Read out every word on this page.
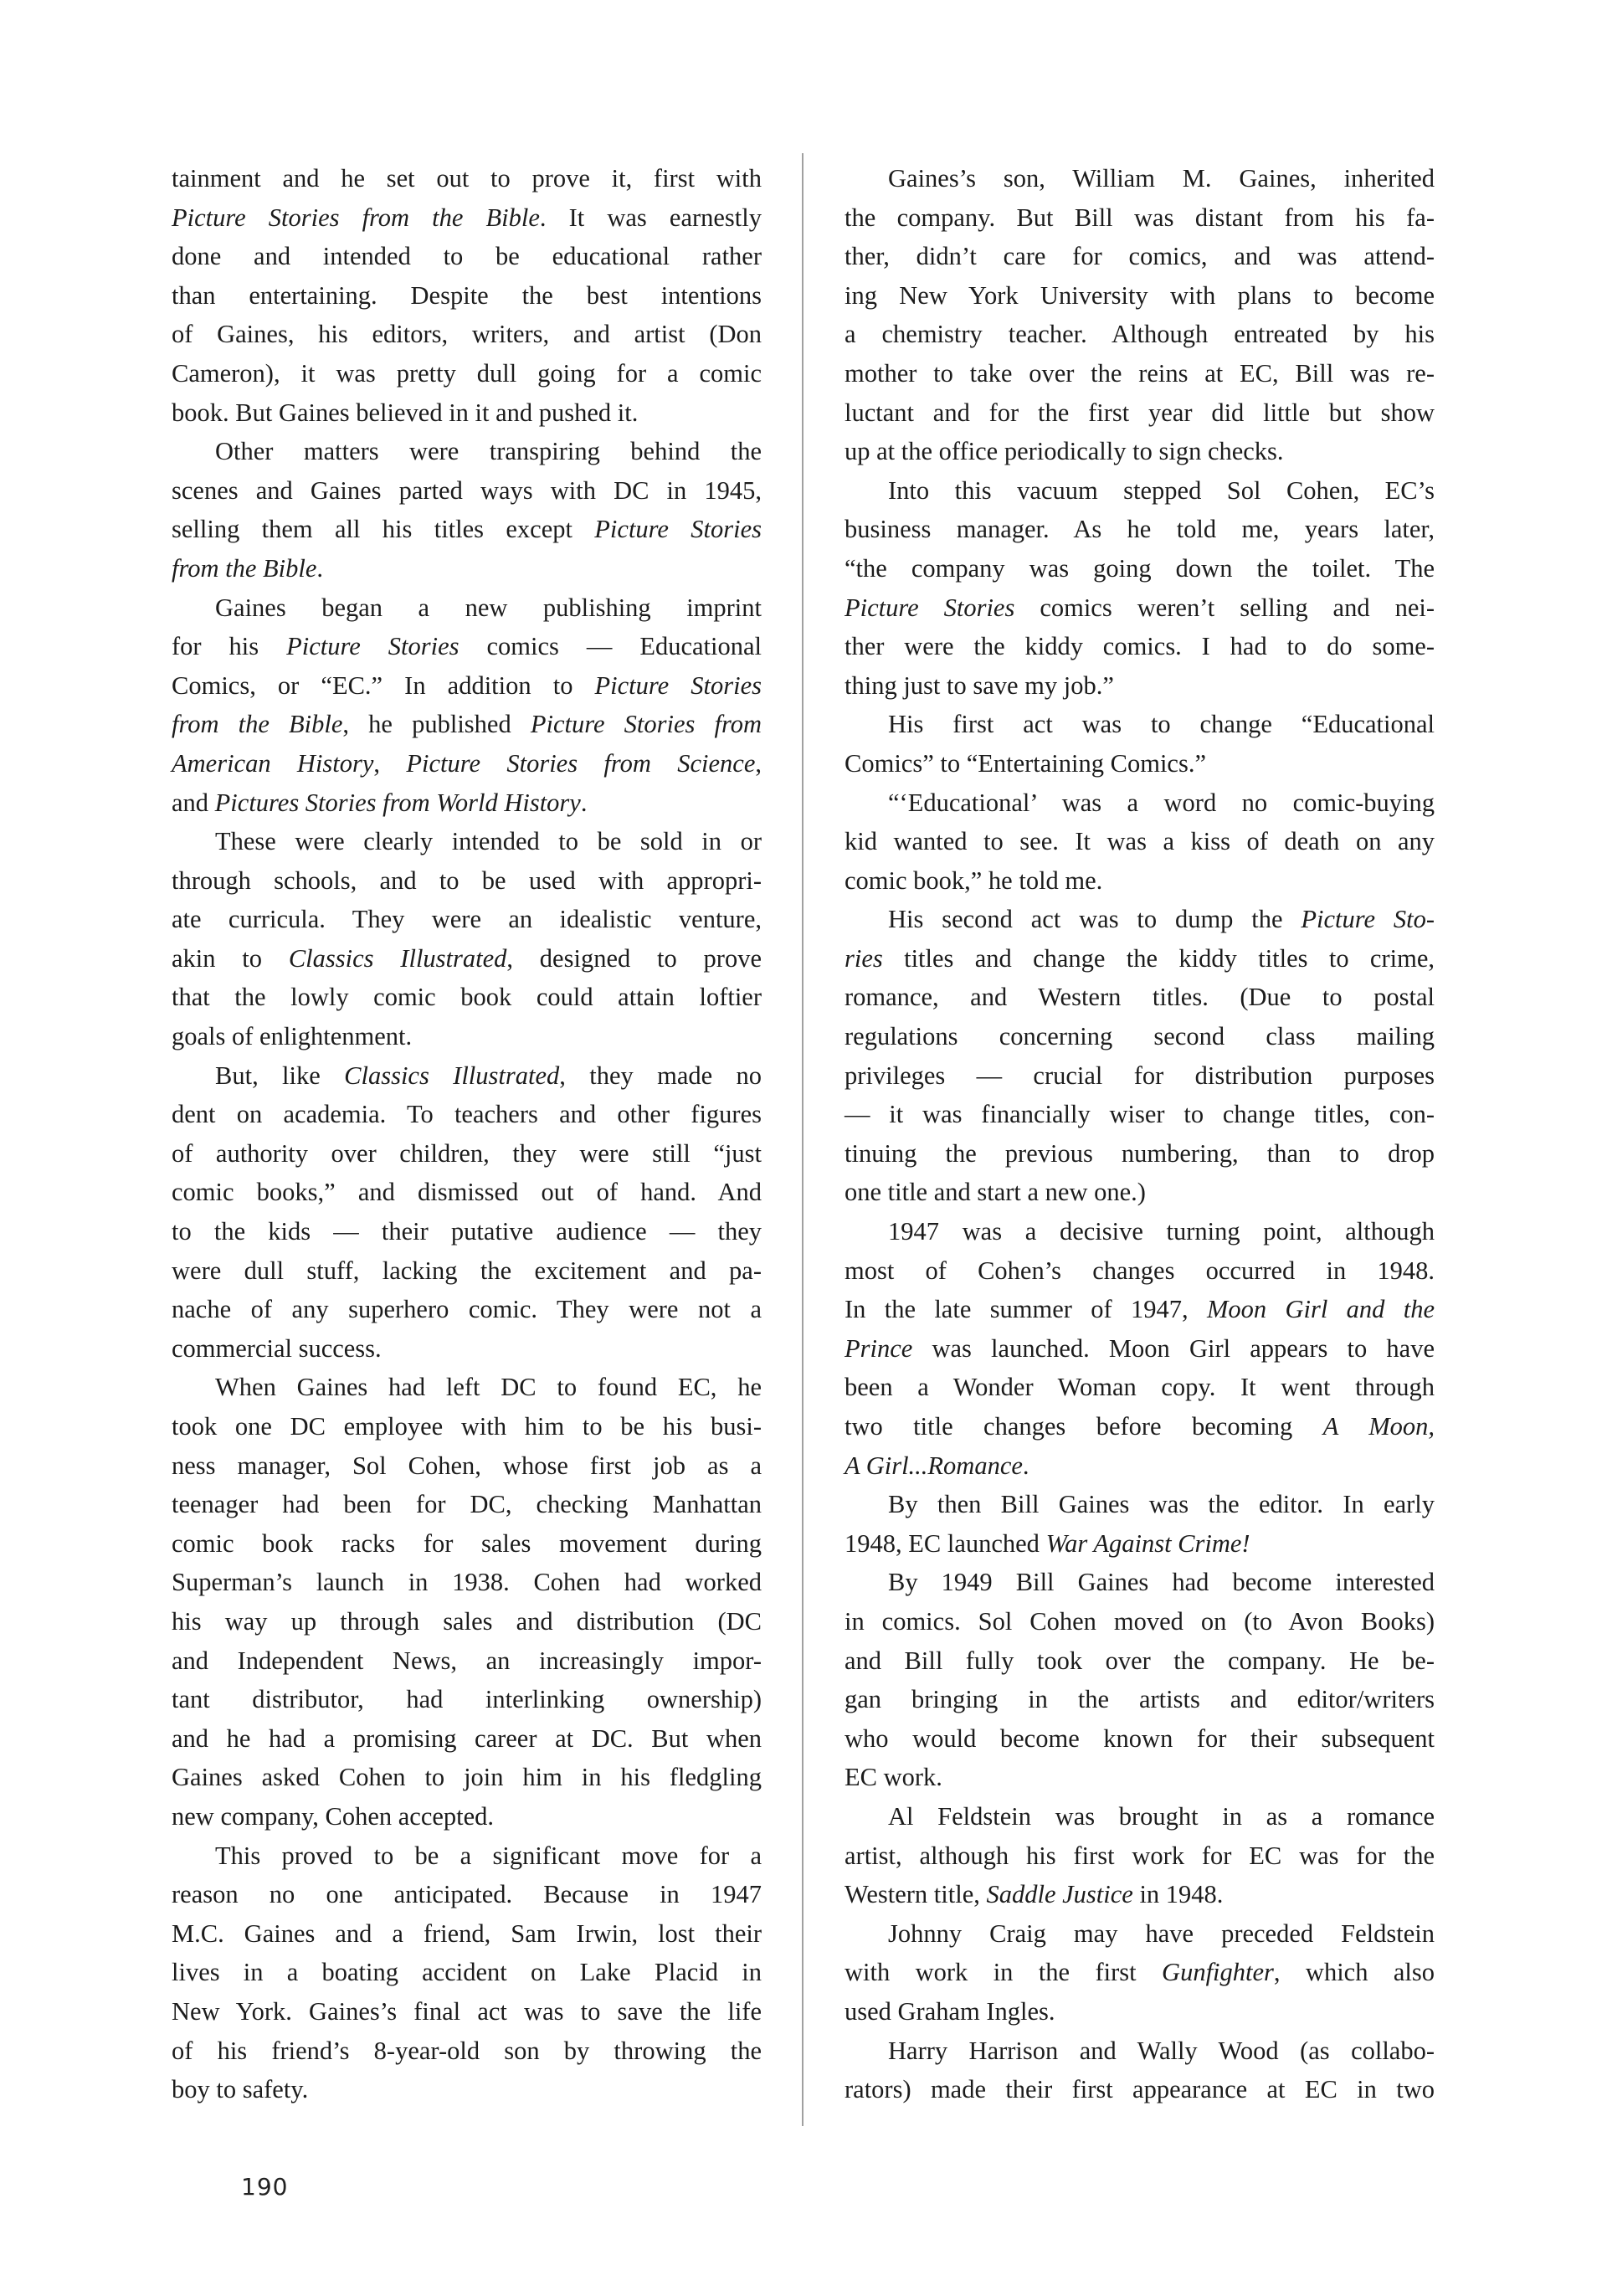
tainment and he set out to prove it, first with
Picture Stories from the Bible. It was earnestly
done and intended to be educational rather
than entertaining. Despite the best intentions
of Gaines, his editors, writers, and artist (Don
Cameron), it was pretty dull going for a comic
book. But Gaines believed in it and pushed it.
Other matters were transpiring behind the
scenes and Gaines parted ways with DC in 1945,
selling them all his titles except Picture Stories
from the Bible.
Gaines began a new publishing imprint
for his Picture Stories comics — Educational
Comics, or “EC.” In addition to Picture Stories
from the Bible, he published Picture Stories from
American History, Picture Stories from Science,
and Pictures Stories from World History.
These were clearly intended to be sold in or
through schools, and to be used with appropri-
ate curricula. They were an idealistic venture,
akin to Classics Illustrated, designed to prove
that the lowly comic book could attain loftier
goals of enlightenment.
But, like Classics Illustrated, they made no
dent on academia. To teachers and other figures
of authority over children, they were still “just
comic books,” and dismissed out of hand. And
to the kids — their putative audience — they
were dull stuff, lacking the excitement and pa-
nache of any superhero comic. They were not a
commercial success.
When Gaines had left DC to found EC, he
took one DC employee with him to be his busi-
ness manager, Sol Cohen, whose first job as a
teenager had been for DC, checking Manhattan
comic book racks for sales movement during
Superman’s launch in 1938. Cohen had worked
his way up through sales and distribution (DC
and Independent News, an increasingly impor-
tant distributor, had interlinking ownership)
and he had a promising career at DC. But when
Gaines asked Cohen to join him in his fledgling
new company, Cohen accepted.
This proved to be a significant move for a
reason no one anticipated. Because in 1947
M.C. Gaines and a friend, Sam Irwin, lost their
lives in a boating accident on Lake Placid in
New York. Gaines’s final act was to save the life
of his friend’s 8-year-old son by throwing the
boy to safety.
Gaines’s son, William M. Gaines, inherited
the company. But Bill was distant from his fa-
ther, didn’t care for comics, and was attend-
ing New York University with plans to become
a chemistry teacher. Although entreated by his
mother to take over the reins at EC, Bill was re-
luctant and for the first year did little but show
up at the office periodically to sign checks.
Into this vacuum stepped Sol Cohen, EC’s
business manager. As he told me, years later,
“the company was going down the toilet. The
Picture Stories comics weren’t selling and nei-
ther were the kiddy comics. I had to do some-
thing just to save my job.”
His first act was to change “Educational
Comics” to “Entertaining Comics.”
“‘Educational’ was a word no comic-buying
kid wanted to see. It was a kiss of death on any
comic book,” he told me.
His second act was to dump the Picture Sto-
ries titles and change the kiddy titles to crime,
romance, and Western titles. (Due to postal
regulations concerning second class mailing
privileges — crucial for distribution purposes
— it was financially wiser to change titles, con-
tinuing the previous numbering, than to drop
one title and start a new one.)
1947 was a decisive turning point, although
most of Cohen’s changes occurred in 1948.
In the late summer of 1947, Moon Girl and the
Prince was launched. Moon Girl appears to have
been a Wonder Woman copy. It went through
two title changes before becoming A Moon,
A Girl...Romance.
By then Bill Gaines was the editor. In early
1948, EC launched War Against Crime!
By 1949 Bill Gaines had become interested
in comics. Sol Cohen moved on (to Avon Books)
and Bill fully took over the company. He be-
gan bringing in the artists and editor/writers
who would become known for their subsequent
EC work.
Al Feldstein was brought in as a romance
artist, although his first work for EC was for the
Western title, Saddle Justice in 1948.
Johnny Craig may have preceded Feldstein
with work in the first Gunfighter, which also
used Graham Ingles.
Harry Harrison and Wally Wood (as collabo-
rators) made their first appearance at EC in two
190
